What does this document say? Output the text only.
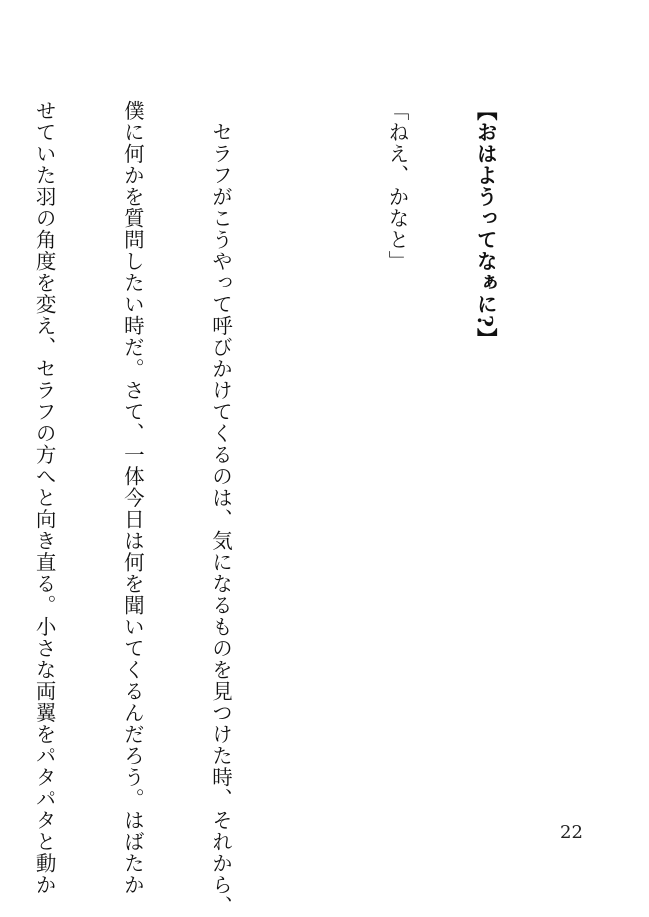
【おはようってなぁに?】

「ねえ、かなと」

　セラフがこうやって呼びかけてくるのは、気になるものを見つけた時、それから、

僕に何かを質問したい時だ。さて、一体今日は何を聞いてくるんだろう。はばたか

せていた羽の角度を変え、セラフの方へと向き直る。小さな両翼をパタパタと動か

	22
